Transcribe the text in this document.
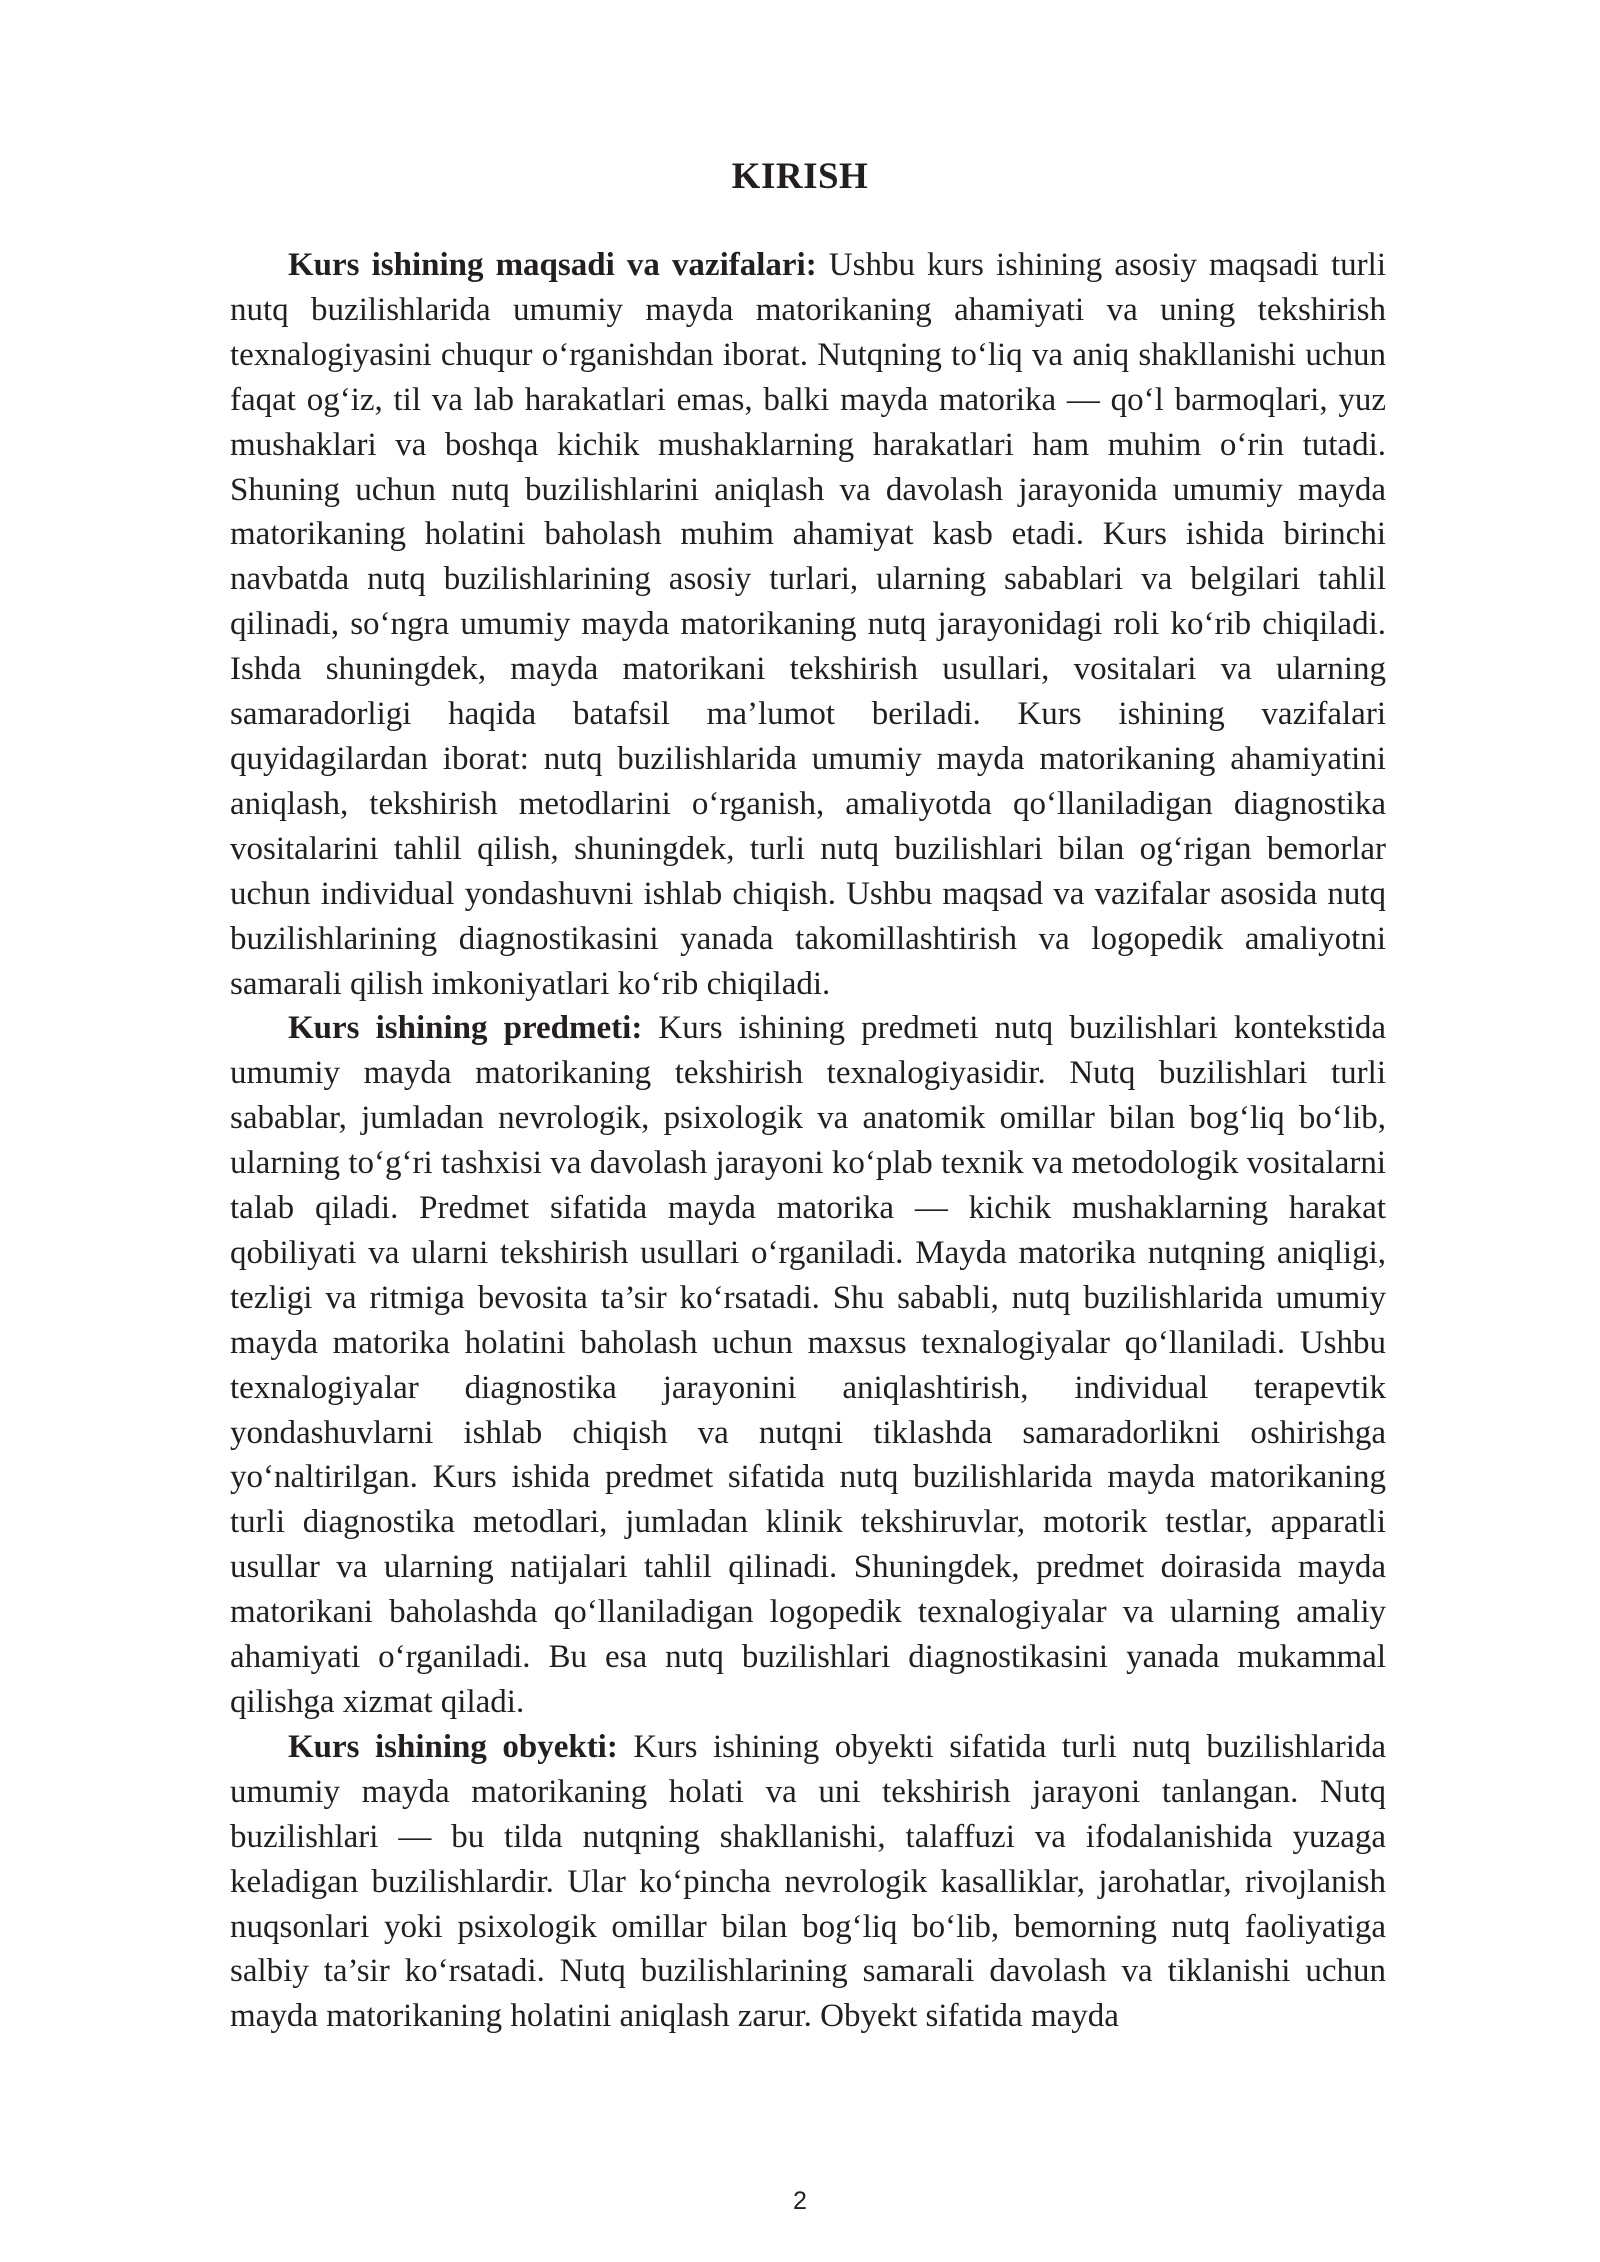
KIRISH

Kurs ishining maqsadi va vazifalari: Ushbu kurs ishining asosiy maqsadi turli nutq buzilishlarida umumiy mayda matorikaning ahamiyati va uning tekshirish texnalogiyasini chuqur o‘rganishdan iborat. Nutqning to‘liq va aniq shakllanishi uchun faqat og‘iz, til va lab harakatlari emas, balki mayda matorika — qo‘l barmoqlari, yuz mushaklari va boshqa kichik mushaklarning harakatlari ham muhim o‘rin tutadi. Shuning uchun nutq buzilishlarini aniqlash va davolash jarayonida umumiy mayda matorikaning holatini baholash muhim ahamiyat kasb etadi. Kurs ishida birinchi navbatda nutq buzilishlarining asosiy turlari, ularning sabablari va belgilari tahlil qilinadi, so‘ngra umumiy mayda matorikaning nutq jarayonidagi roli ko‘rib chiqiladi. Ishda shuningdek, mayda matorikani tekshirish usullari, vositalari va ularning samaradorligi haqida batafsil ma’lumot beriladi. Kurs ishining vazifalari quyidagilardan iborat: nutq buzilishlarida umumiy mayda matorikaning ahamiyatini aniqlash, tekshirish metodlarini o‘rganish, amaliyotda qo‘llaniladigan diagnostika vositalarini tahlil qilish, shuningdek, turli nutq buzilishlari bilan og‘rigan bemorlar uchun individual yondashuvni ishlab chiqish. Ushbu maqsad va vazifalar asosida nutq buzilishlarining diagnostikasini yanada takomillashtirish va logopedik amaliyotni samarali qilish imkoniyatlari ko‘rib chiqiladi.

Kurs ishining predmeti: Kurs ishining predmeti nutq buzilishlari kontekstida umumiy mayda matorikaning tekshirish texnalogiyasidir. Nutq buzilishlari turli sabablar, jumladan nevrologik, psixologik va anatomik omillar bilan bog‘liq bo‘lib, ularning to‘g‘ri tashxisi va davolash jarayoni ko‘plab texnik va metodologik vositalarni talab qiladi. Predmet sifatida mayda matorika — kichik mushaklarning harakat qobiliyati va ularni tekshirish usullari o‘rganiladi. Mayda matorika nutqning aniqligi, tezligi va ritmiga bevosita ta’sir ko‘rsatadi. Shu sababli, nutq buzilishlarida umumiy mayda matorika holatini baholash uchun maxsus texnalogiyalar qo‘llaniladi. Ushbu texnalogiyalar diagnostika jarayonini aniqlashtirish, individual terapevtik yondashuvlarni ishlab chiqish va nutqni tiklashda samaradorlikni oshirishga yo‘naltirilgan. Kurs ishida predmet sifatida nutq buzilishlarida mayda matorikaning turli diagnostika metodlari, jumladan klinik tekshiruvlar, motorik testlar, apparatli usullar va ularning natijalari tahlil qilinadi. Shuningdek, predmet doirasida mayda matorikani baholashda qo‘llaniladigan logopedik texnalogiyalar va ularning amaliy ahamiyati o‘rganiladi. Bu esa nutq buzilishlari diagnostikasini yanada mukammal qilishga xizmat qiladi.

Kurs ishining obyekti: Kurs ishining obyekti sifatida turli nutq buzilishlarida umumiy mayda matorikaning holati va uni tekshirish jarayoni tanlangan. Nutq buzilishlari — bu tilda nutqning shakllanishi, talaffuzi va ifodalanishida yuzaga keladigan buzilishlardir. Ular ko‘pincha nevrologik kasalliklar, jarohatlar, rivojlanish nuqsonlari yoki psixologik omillar bilan bog‘liq bo‘lib, bemorning nutq faoliyatiga salbiy ta’sir ko‘rsatadi. Nutq buzilishlarining samarali davolash va tiklanishi uchun mayda matorikaning holatini aniqlash zarur. Obyekt sifatida mayda

2
